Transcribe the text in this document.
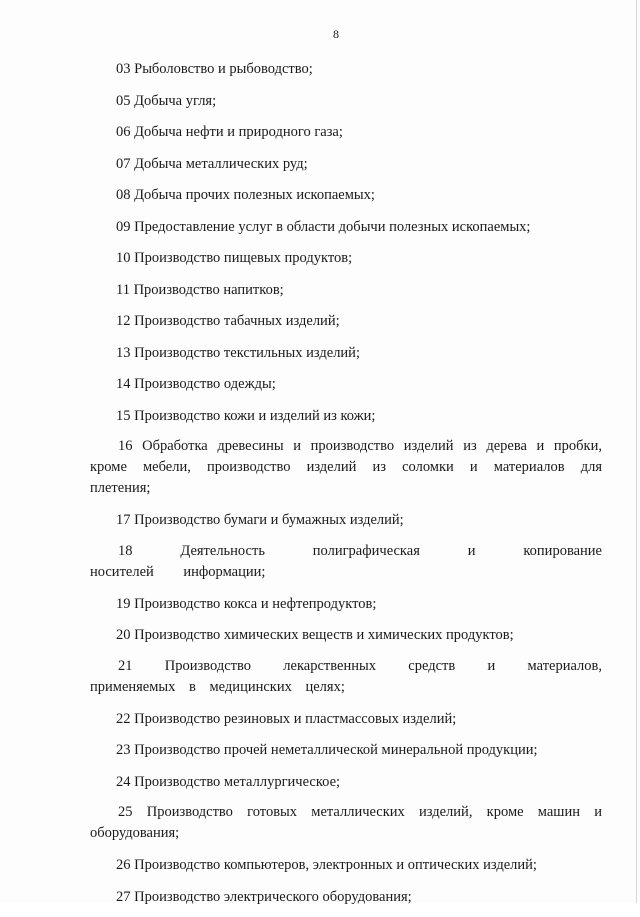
8

03 Рыболовство и рыбоводство;

05 Добыча угля;

06 Добыча нефти и природного газа;

07 Добыча металлических руд;

08 Добыча прочих полезных ископаемых;

09 Предоставление услуг в области добычи полезных ископаемых;

10 Производство пищевых продуктов;

11 Производство напитков;

12 Производство табачных изделий;

13 Производство текстильных изделий;

14 Производство одежды;

15 Производство кожи и изделий из кожи;

16 Обработка древесины и производство изделий из дерева и пробки, кроме мебели, производство изделий из соломки и материалов для плетения;

17 Производство бумаги и бумажных изделий;

18 Деятельность полиграфическая и копирование носителей информации;

19 Производство кокса и нефтепродуктов;

20 Производство химических веществ и химических продуктов;

21 Производство лекарственных средств и материалов, применяемых в медицинских целях;

22 Производство резиновых и пластмассовых изделий;

23 Производство прочей неметаллической минеральной продукции;

24 Производство металлургическое;

25 Производство готовых металлических изделий, кроме машин и оборудования;

26 Производство компьютеров, электронных и оптических изделий;

27 Производство электрического оборудования;
